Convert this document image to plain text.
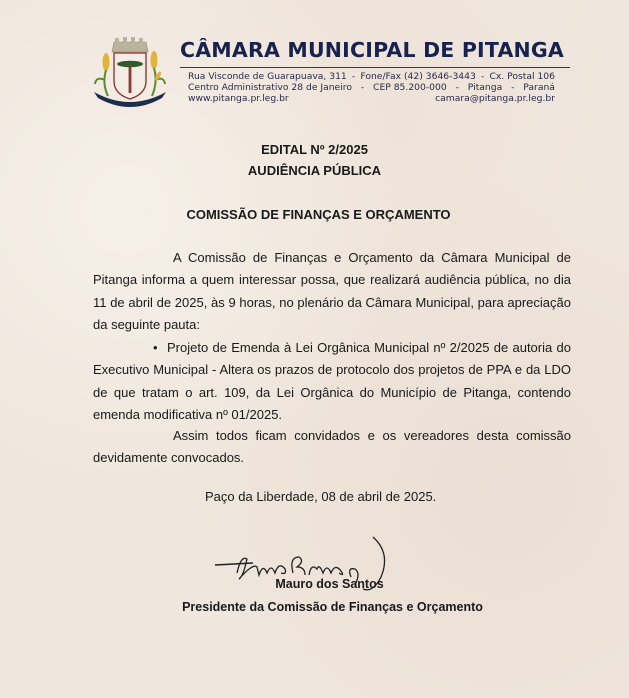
CÂMARA MUNICIPAL DE PITANGA
Rua Visconde de Guarapuava, 311 - Fone/Fax (42) 3646-3443 - Cx. Postal 106
Centro Administrativo 28 de Janeiro - CEP 85.200-000 - Pitanga - Paraná
www.pitanga.pr.leg.br	camara@pitanga.pr.leg.br
EDITAL Nº 2/2025
AUDIÊNCIA PÚBLICA
COMISSÃO DE FINANÇAS E ORÇAMENTO
A Comissão de Finanças e Orçamento da Câmara Municipal de Pitanga informa a quem interessar possa, que realizará audiência pública, no dia 11 de abril de 2025, às 9 horas, no plenário da Câmara Municipal, para apreciação da seguinte pauta:
• Projeto de Emenda à Lei Orgânica Municipal nº 2/2025 de autoria do Executivo Municipal - Altera os prazos de protocolo dos projetos de PPA e da LDO de que tratam o art. 109, da Lei Orgânica do Município de Pitanga, contendo emenda modificativa nº 01/2025.
Assim todos ficam convidados e os vereadores desta comissão devidamente convocados.
Paço da Liberdade, 08 de abril de 2025.
Mauro dos Santos
Presidente da Comissão de Finanças e Orçamento
